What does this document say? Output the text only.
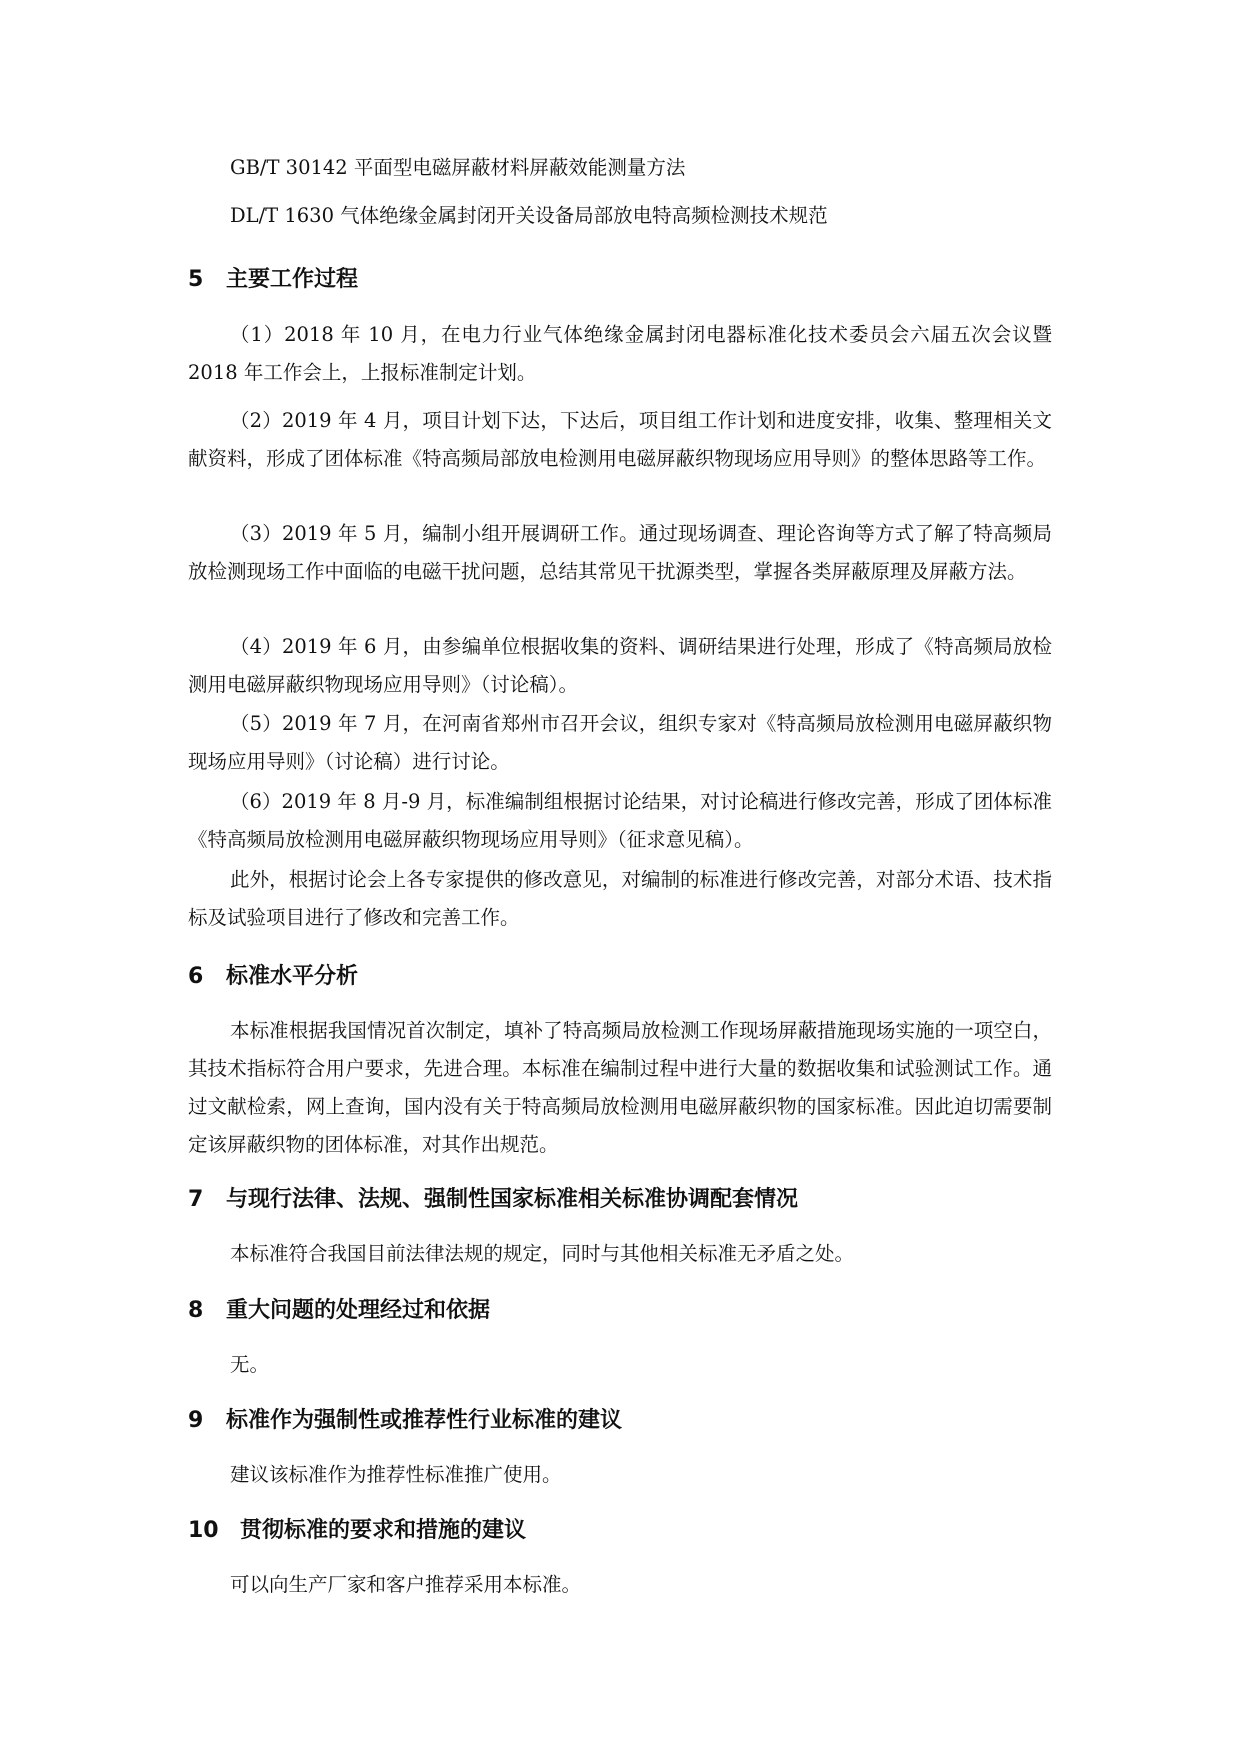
GB/T 30142 平面型电磁屏蔽材料屏蔽效能测量方法
DL/T 1630 气体绝缘金属封闭开关设备局部放电特高频检测技术规范
5 主要工作过程

（1）2018 年 10 月，在电力行业气体绝缘金属封闭电器标准化技术委员会六届五次会议暨 2018 年工作会上，上报标准制定计划。

（2）2019 年 4 月，项目计划下达，下达后，项目组工作计划和进度安排，收集、整理相关文献资料，形成了团体标准《特高频局部放电检测用电磁屏蔽织物现场应用导则》的整体思路等工作。

（3）2019 年 5 月，编制小组开展调研工作。通过现场调查、理论咨询等方式了解了特高频局放检测现场工作中面临的电磁干扰问题，总结其常见干扰源类型，掌握各类屏蔽原理及屏蔽方法。

（4）2019 年 6 月，由参编单位根据收集的资料、调研结果进行处理，形成了《特高频局放检测用电磁屏蔽织物现场应用导则》（讨论稿）。

（5）2019 年 7 月，在河南省郑州市召开会议，组织专家对《特高频局放检测用电磁屏蔽织物现场应用导则》（讨论稿）进行讨论。

（6）2019 年 8 月-9 月，标准编制组根据讨论结果，对讨论稿进行修改完善，形成了团体标准《特高频局放检测用电磁屏蔽织物现场应用导则》（征求意见稿）。

此外，根据讨论会上各专家提供的修改意见，对编制的标准进行修改完善，对部分术语、技术指标及试验项目进行了修改和完善工作。

6 标准水平分析

本标准根据我国情况首次制定，填补了特高频局放检测工作现场屏蔽措施现场实施的一项空白，其技术指标符合用户要求，先进合理。本标准在编制过程中进行大量的数据收集和试验测试工作。通过文献检索，网上查询，国内没有关于特高频局放检测用电磁屏蔽织物的国家标准。因此迫切需要制定该屏蔽织物的团体标准，对其作出规范。

7 与现行法律、法规、强制性国家标准相关标准协调配套情况

本标准符合我国目前法律法规的规定，同时与其他相关标准无矛盾之处。

8 重大问题的处理经过和依据

无。

9 标准作为强制性或推荐性行业标准的建议

建议该标准作为推荐性标准推广使用。

10 贯彻标准的要求和措施的建议

可以向生产厂家和客户推荐采用本标准。
